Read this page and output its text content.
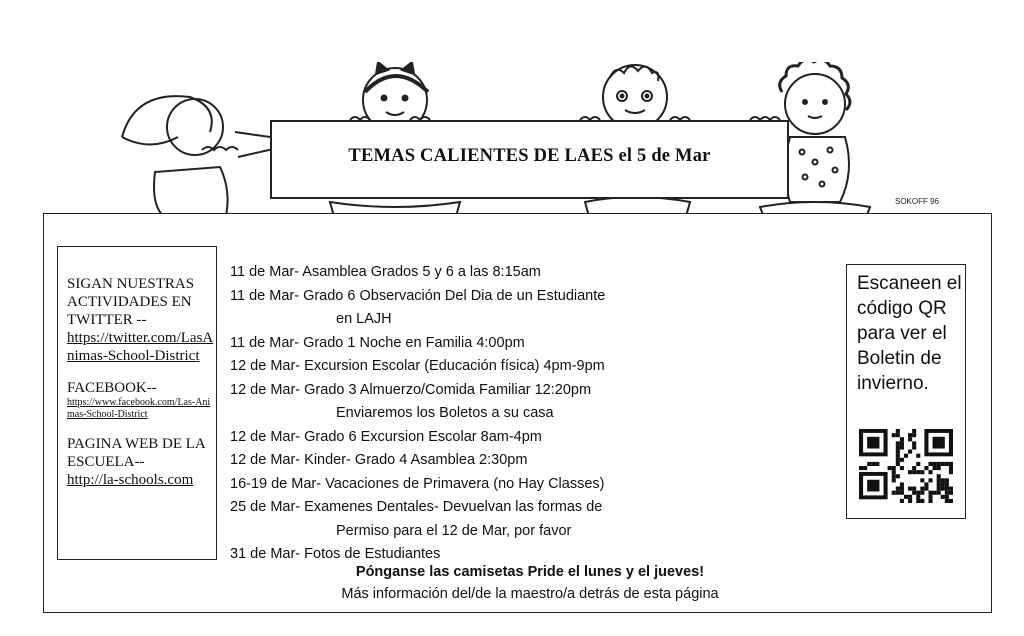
SOKOFF 96
TEMAS CALIENTES DE LAES el 5 de Mar
SIGAN NUESTRAS ACTIVIDADES EN TWITTER --
https://twitter.com/LasAnimas-School-District
FACEBOOK--
https://www.facebook.com/Las-Animas-School-District
PAGINA WEB DE LA ESCUELA--
http://la-schools.com
11 de Mar- Asamblea Grados 5 y 6 a las 8:15am
11 de Mar- Grado 6 Observación Del Dia de un Estudiante
en LAJH
11 de Mar- Grado 1 Noche en Familia 4:00pm
12 de Mar- Excursion Escolar (Educación física) 4pm-9pm
12 de Mar- Grado 3 Almuerzo/Comida Familiar 12:20pm
Enviaremos los Boletos a su casa
12 de Mar- Grado 6 Excursion Escolar 8am-4pm
12 de Mar- Kinder- Grado 4 Asamblea 2:30pm
16-19 de Mar- Vacaciones de Primavera (no Hay Classes)
25 de Mar- Examenes Dentales- Devuelvan las formas de
Permiso para el 12 de Mar, por favor
31 de Mar- Fotos de Estudiantes
Pónganse las camisetas Pride el lunes y el jueves!
Más información del/de la maestro/a detrás de esta página
Escaneen el código QR para ver el Boletin de invierno.
